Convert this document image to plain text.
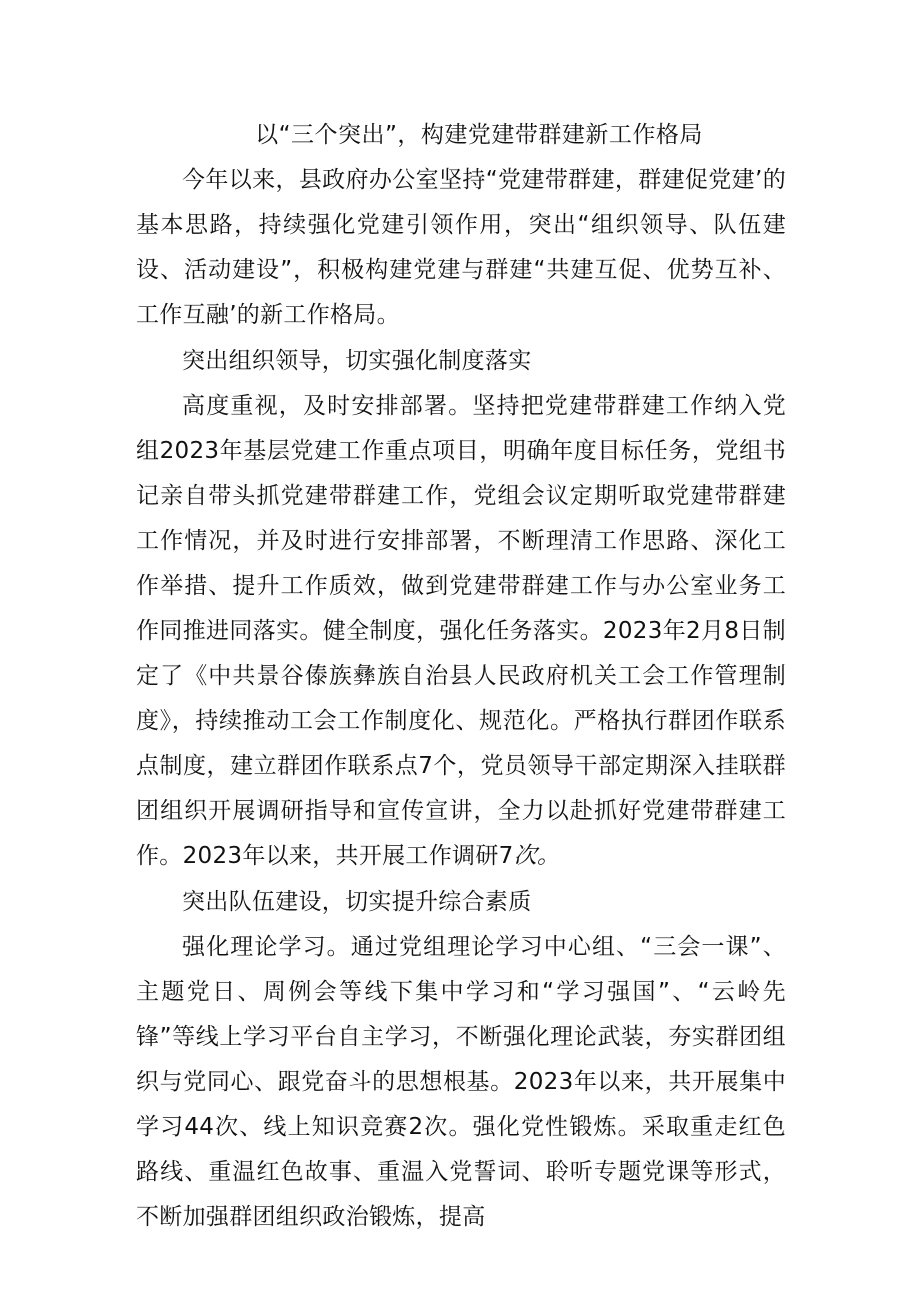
以“三个突出”，构建党建带群建新工作格局

今年以来，县政府办公室坚持“党建带群建，群建促党建’的基本思路，持续强化党建引领作用，突出“组织领导、队伍建设、活动建设”，积极构建党建与群建“共建互促、优势互补、工作互融’的新工作格局。

突出组织领导，切实强化制度落实

高度重视，及时安排部署。坚持把党建带群建工作纳入党组2023年基层党建工作重点项目，明确年度目标任务，党组书记亲自带头抓党建带群建工作，党组会议定期听取党建带群建工作情况，并及时进行安排部署，不断理清工作思路、深化工作举措、提升工作质效，做到党建带群建工作与办公室业务工作同推进同落实。健全制度，强化任务落实。2023年2月8日制定了《中共景谷傣族彝族自治县人民政府机关工会工作管理制度》，持续推动工会工作制度化、规范化。严格执行群团作联系点制度，建立群团作联系点7个，党员领导干部定期深入挂联群团组织开展调研指导和宣传宣讲，全力以赴抓好党建带群建工作。2023年以来，共开展工作调研7次。

突出队伍建设，切实提升综合素质

强化理论学习。通过党组理论学习中心组、“三会一课”、主题党日、周例会等线下集中学习和“学习强国”、“云岭先锋”等线上学习平台自主学习，不断强化理论武装，夯实群团组织与党同心、跟党奋斗的思想根基。2023年以来，共开展集中学习44次、线上知识竞赛2次。强化党性锻炼。采取重走红色路线、重温红色故事、重温入党誓词、聆听专题党课等形式，不断加强群团组织政治锻炼，提高
